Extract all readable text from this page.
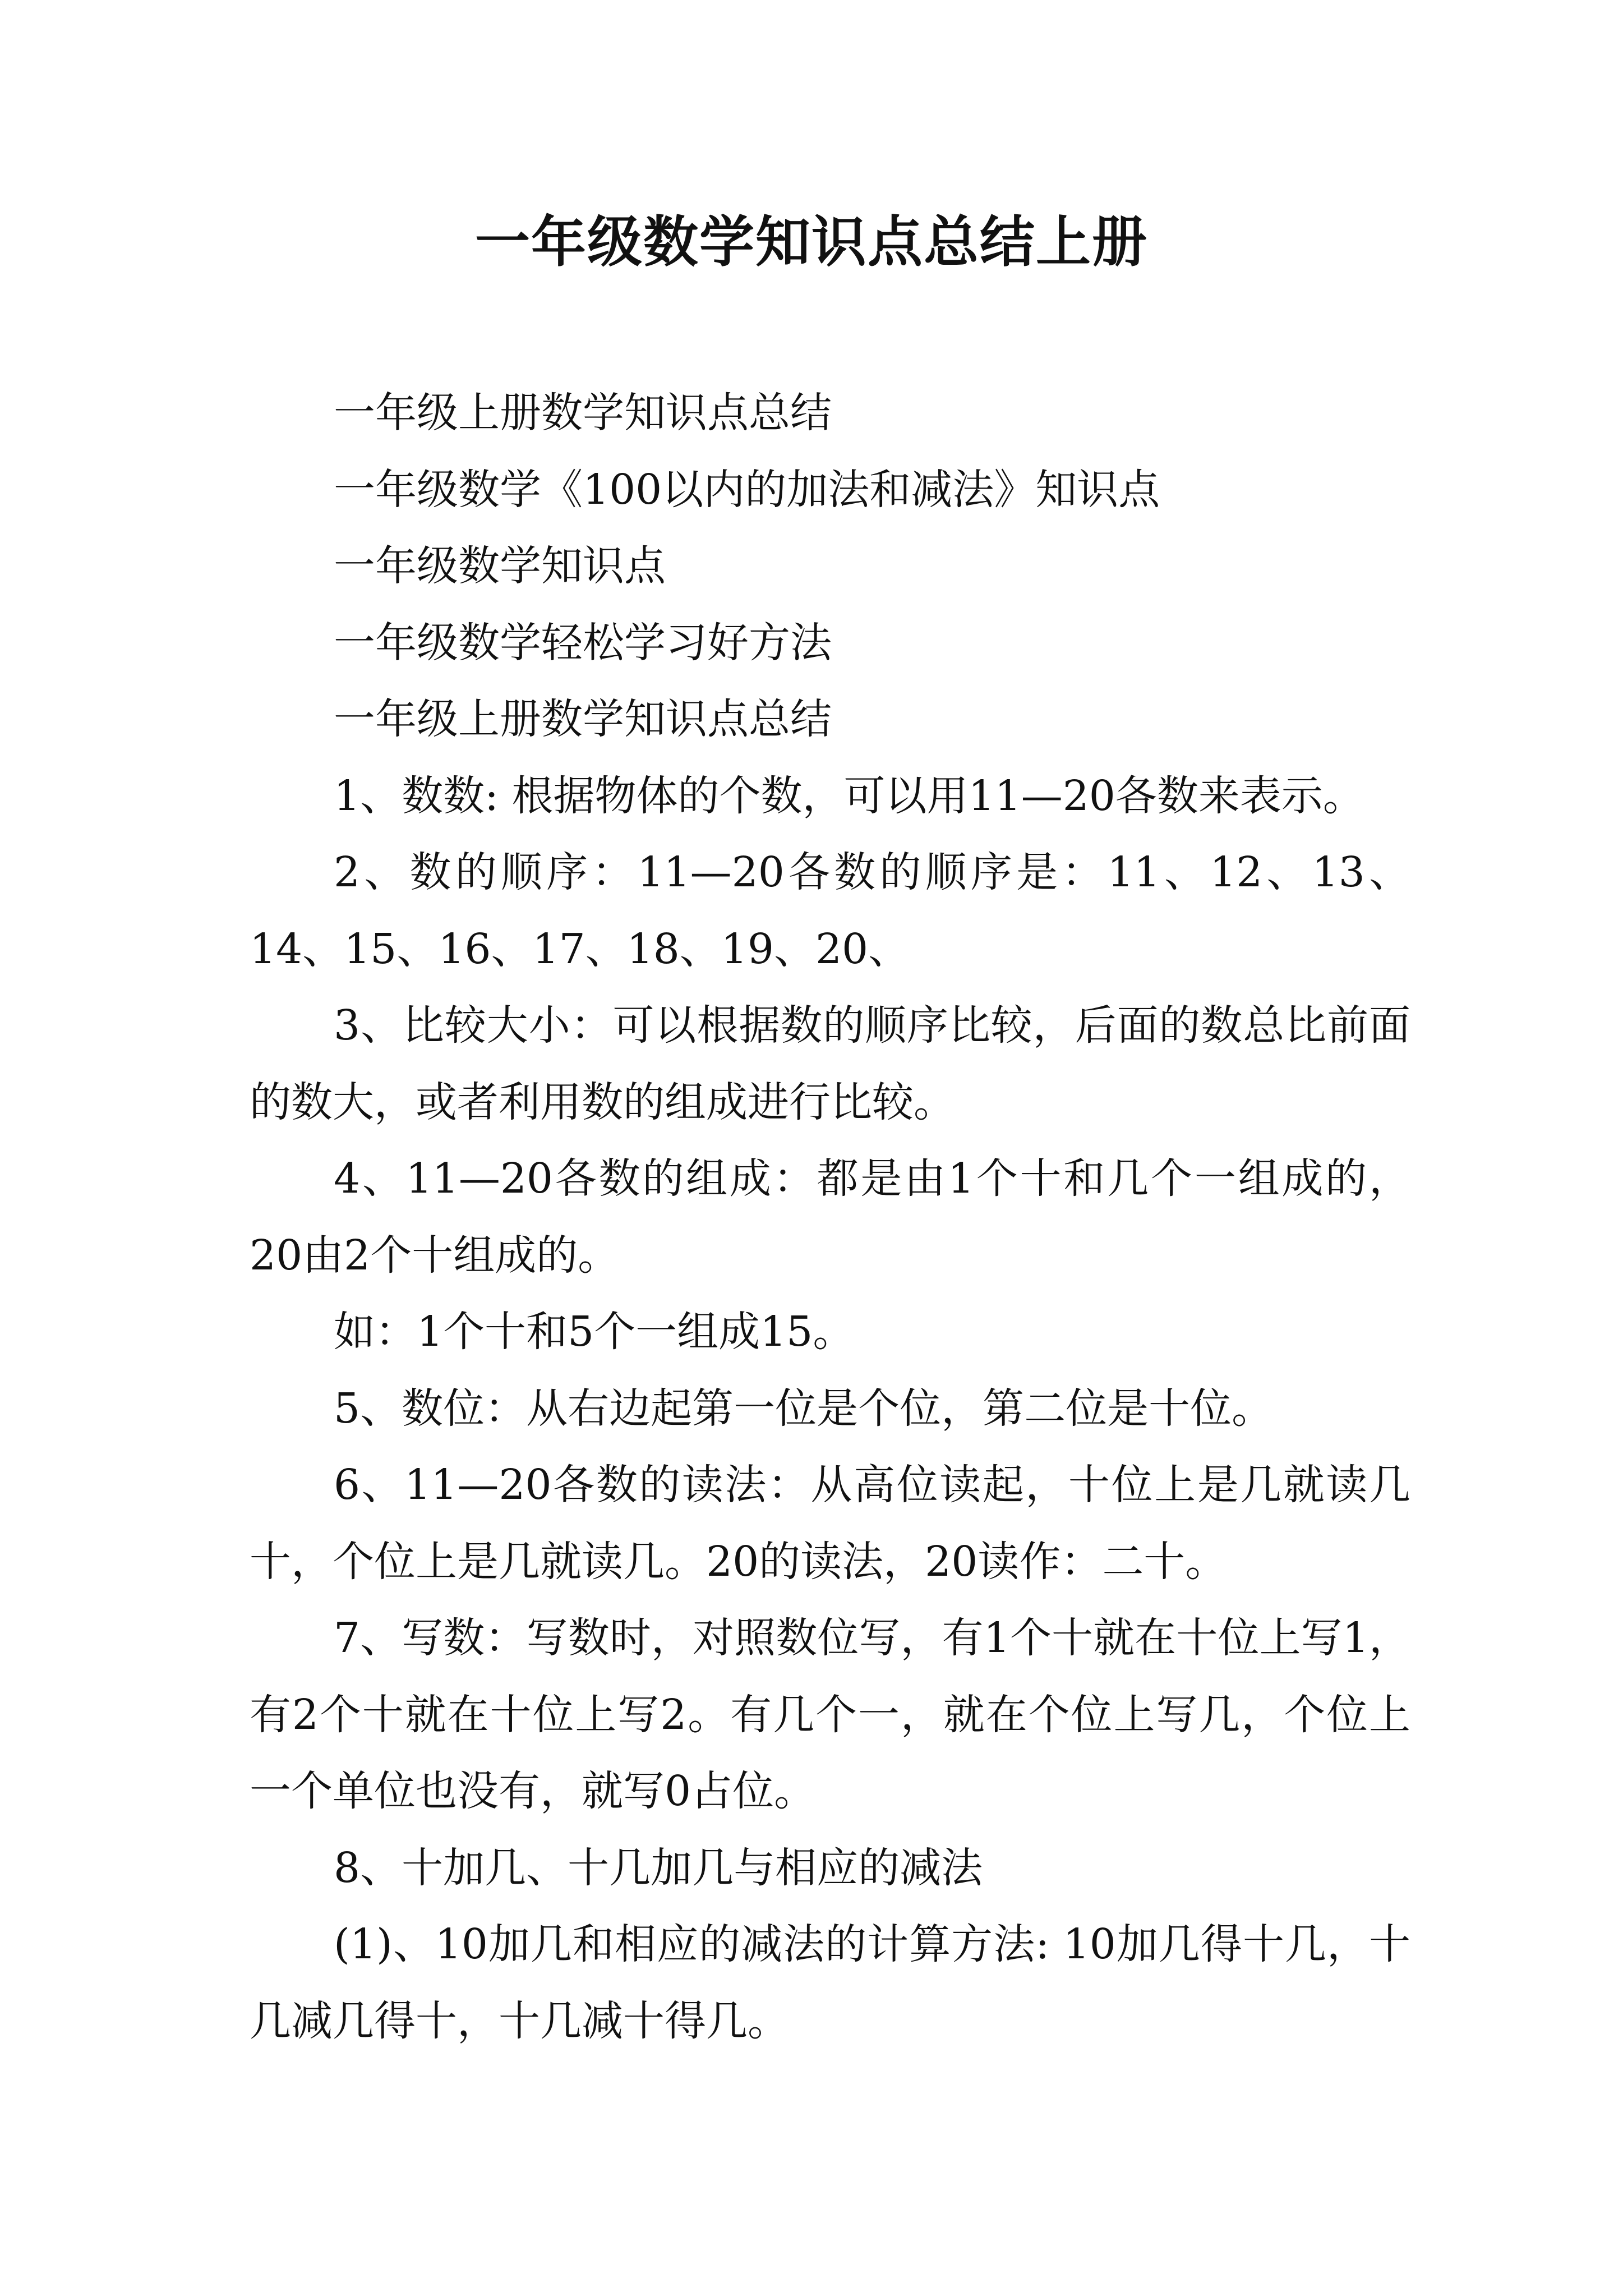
一年级数学知识点总结上册

一年级上册数学知识点总结

一年级数学《100以内的加法和减法》知识点

一年级数学知识点

一年级数学轻松学习好方法

一年级上册数学知识点总结

1、数数: 根据物体的个数，可以用11—20各数来表示。

2、数的顺序：11—20各数的顺序是：11、12、13、14、15、16、17、18、19、20、

3、比较大小：可以根据数的顺序比较，后面的数总比前面的数大，或者利用数的组成进行比较。

4、11—20各数的组成：都是由1个十和几个一组成的，20由2个十组成的。

如：1个十和5个一组成15。

5、数位：从右边起第一位是个位，第二位是十位。

6、11—20各数的读法：从高位读起，十位上是几就读几十，个位上是几就读几。20的读法，20读作：二十。

7、写数：写数时，对照数位写，有1个十就在十位上写1，有2个十就在十位上写2。有几个一，就在个位上写几，个位上一个单位也没有，就写0占位。

8、十加几、十几加几与相应的减法

(1)、10加几和相应的减法的计算方法: 10加几得十几，十几减几得十，十几减十得几。
